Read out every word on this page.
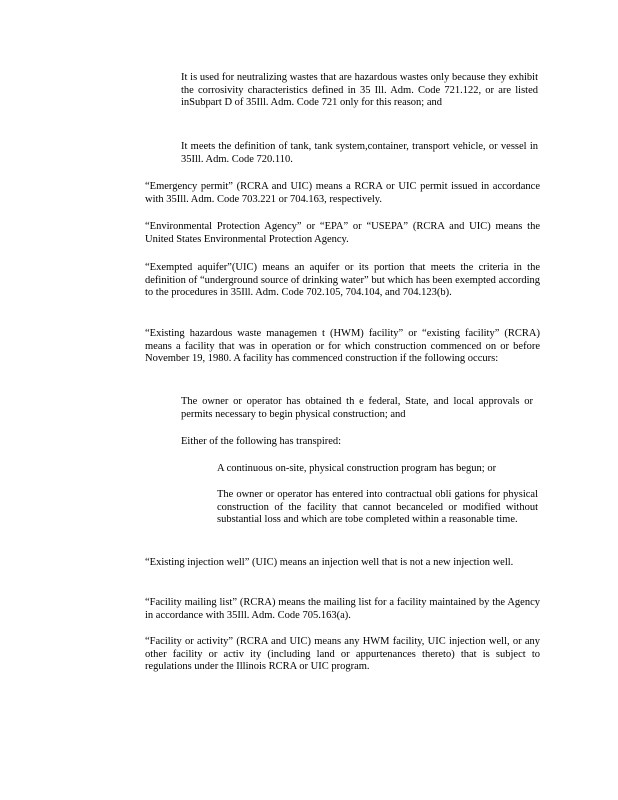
It is used for neutralizing wastes that are hazardous wastes only because they exhibit the corrosivity characteristics defined in 35 Ill. Adm. Code 721.122, or are listed inSubpart D of 35Ill. Adm. Code 721 only for this reason; and

It meets the definition of tank, tank system,container, transport vehicle, or vessel in 35Ill. Adm. Code 720.110.

“Emergency permit” (RCRA and UIC) means a RCRA or UIC permit issued in accordance with 35Ill. Adm. Code 703.221 or 704.163, respectively.

“Environmental Protection Agency” or “EPA” or “USEPA” (RCRA and UIC) means the United States Environmental Protection Agency.

“Exempted aquifer”(UIC) means an aquifer or its portion that meets the criteria in the definition of “underground source of drinking water” but which has been exempted according to the procedures in 35Ill. Adm. Code 702.105, 704.104, and 704.123(b).

“Existing hazardous waste managemen t (HWM) facility” or “existing facility” (RCRA) means a facility that was in operation or for which construction commenced on or before November 19, 1980. A facility has commenced construction if the following occurs:

The owner or operator has obtained th e federal, State, and local approvals or permits necessary to begin physical construction; and

Either of the following has transpired:

A continuous on-site, physical construction program has begun; or

The owner or operator has entered into contractual obli gations for physical construction of the facility that cannot becanceled or modified without substantial loss and which are tobe completed within a reasonable time.

“Existing injection well” (UIC) means an injection well that is not a new injection well.

“Facility mailing list” (RCRA) means the mailing list for a facility maintained by the Agency in accordance with 35Ill. Adm. Code 705.163(a).

“Facility or activity” (RCRA and UIC) means any HWM facility, UIC injection well, or any other facility or activ ity (including land or appurtenances thereto) that is subject to regulations under the Illinois RCRA or UIC program.
